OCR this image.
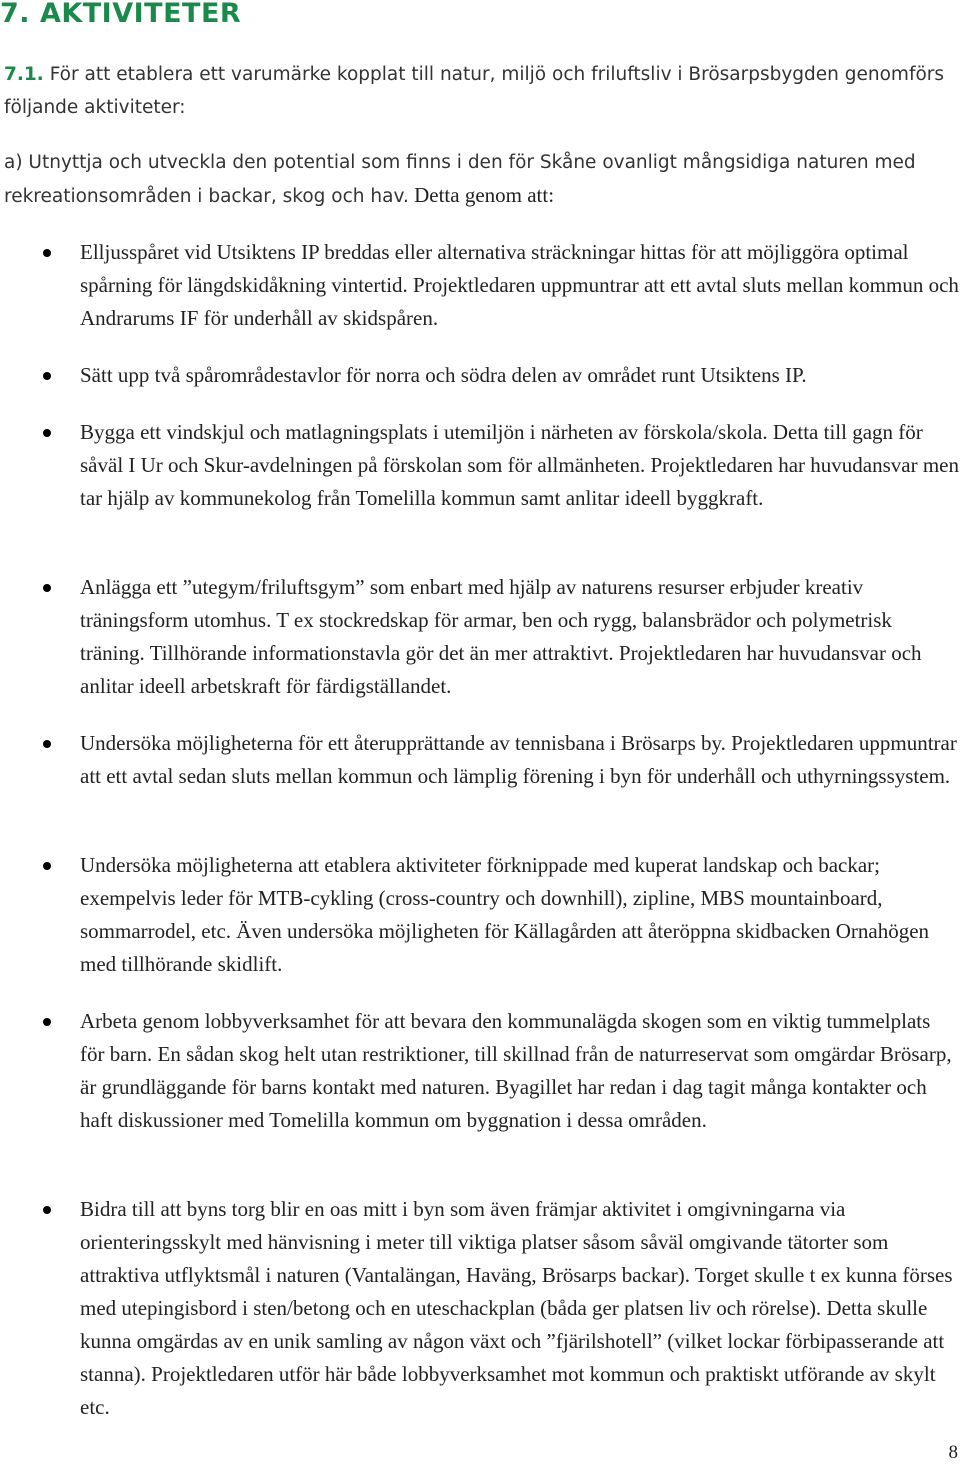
7. AKTIVITETER

7.1. För att etablera ett varumärke kopplat till natur, miljö och friluftsliv i Brösarpsbygden genomförs följande aktiviteter:

a) Utnyttja och utveckla den potential som finns i den för Skåne ovanligt mångsidiga naturen med rekreationsområden i backar, skog och hav. Detta genom att:

Elljusspåret vid Utsiktens IP breddas eller alternativa sträckningar hittas för att möjliggöra optimal spårning för längdskidåkning vintertid. Projektledaren uppmuntrar att ett avtal sluts mellan kommun och Andrarums IF för underhåll av skidspåren.
Sätt upp två spårområdestavlor för norra och södra delen av området runt Utsiktens IP.
Bygga ett vindskjul och matlagningsplats i utemiljön i närheten av förskola/skola. Detta till gagn för såväl I Ur och Skur-avdelningen på förskolan som för allmänheten. Projektledaren har huvudansvar men tar hjälp av kommunekolog från Tomelilla kommun samt anlitar ideell byggkraft.
Anlägga ett ”utegym/friluftsgym” som enbart med hjälp av naturens resurser erbjuder kreativ träningsform utomhus. T ex stockredskap för armar, ben och rygg, balansbrädor och polymetrisk träning. Tillhörande informationstavla gör det än mer attraktivt. Projektledaren har huvudansvar och anlitar ideell arbetskraft för färdigställandet.
Undersöka möjligheterna för ett återupprättande av tennisbana i Brösarps by. Projektledaren uppmuntrar att ett avtal sedan sluts mellan kommun och lämplig förening i byn för underhåll och uthyrningssystem.
Undersöka möjligheterna att etablera aktiviteter förknippade med kuperat landskap och backar; exempelvis leder för MTB-cykling (cross-country och downhill), zipline, MBS mountainboard, sommarrodel, etc. Även undersöka möjligheten för Källagården att återöppna skidbacken Ornahögen med tillhörande skidlift.
Arbeta genom lobbyverksamhet för att bevara den kommunalägda skogen som en viktig tummelplats för barn. En sådan skog helt utan restriktioner, till skillnad från de naturreservat som omgärdar Brösarp, är grundläggande för barns kontakt med naturen. Byagillet har redan i dag tagit många kontakter och haft diskussioner med Tomelilla kommun om byggnation i dessa områden.
Bidra till att byns torg blir en oas mitt i byn som även främjar aktivitet i omgivningarna via orienteringsskylt med hänvisning i meter till viktiga platser såsom såväl omgivande tätorter som attraktiva utflyktsmål i naturen (Vantalängan, Haväng, Brösarps backar). Torget skulle t ex kunna förses med utepingisbord i sten/betong och en uteschackplan (båda ger platsen liv och rörelse). Detta skulle kunna omgärdas av en unik samling av någon växt och ”fjärilshotell” (vilket lockar förbipasserande att stanna). Projektledaren utför här både lobbyverksamhet mot kommun och praktiskt utförande av skylt etc.
8
